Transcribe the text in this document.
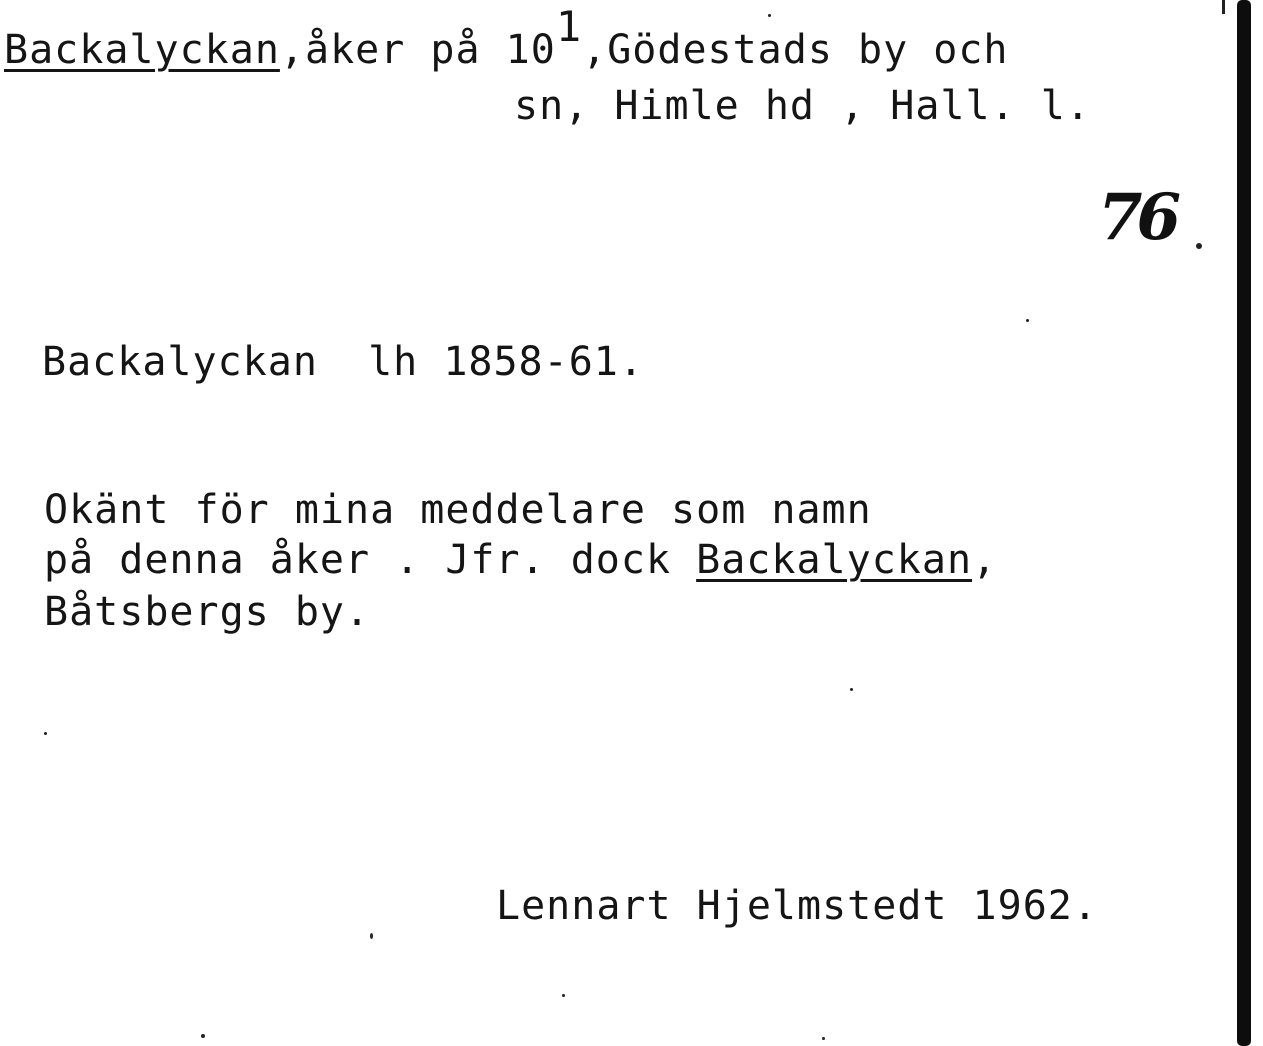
Backalyckan,åker på 101,Gödestads by och
sn, Himle hd , Hall. l.
76
Backalyckan  lh 1858-61.
Okänt för mina meddelare som namn
på denna åker . Jfr. dock Backalyckan,
Båtsbergs by.
Lennart Hjelmstedt 1962.
